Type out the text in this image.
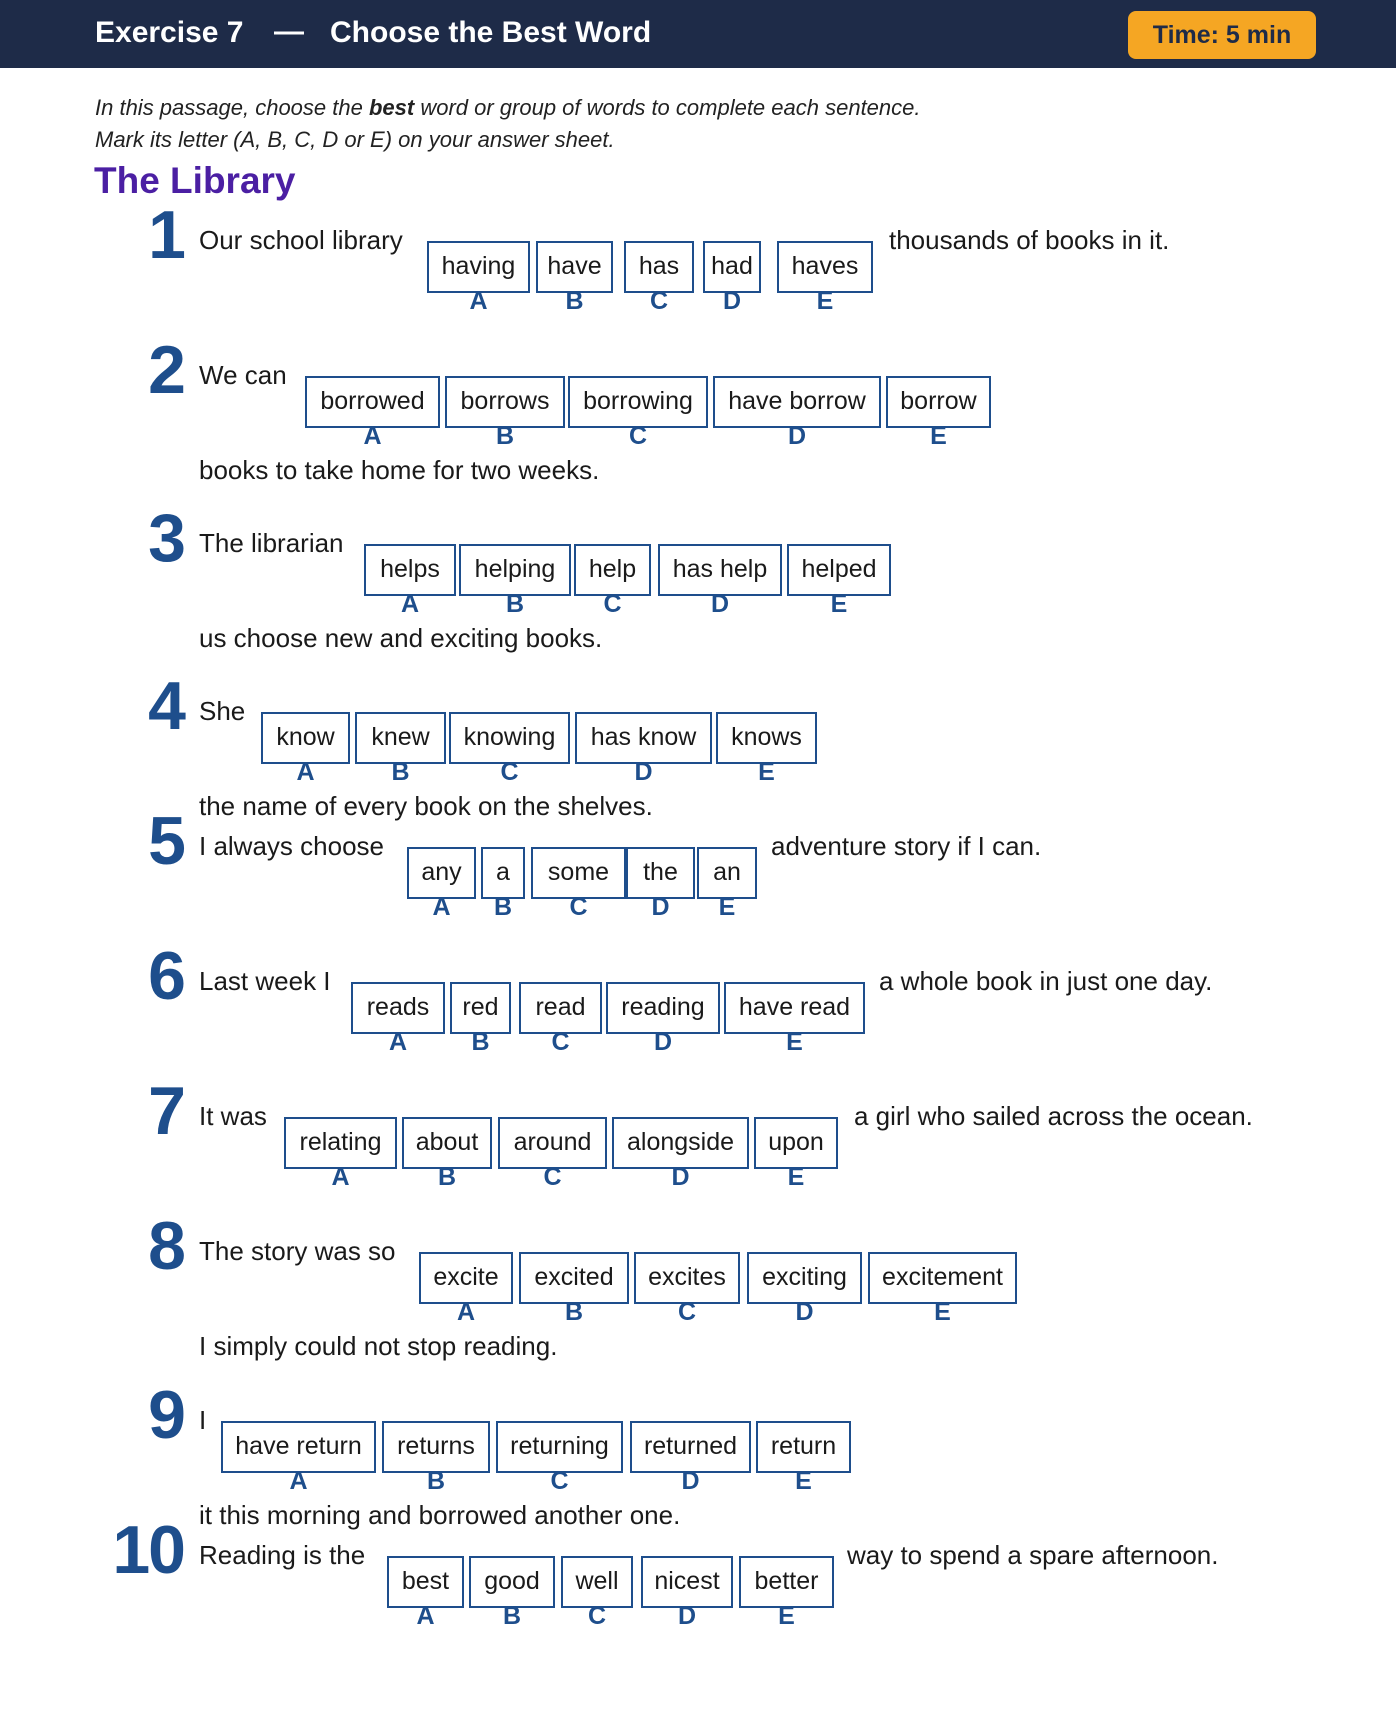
Exercise 7 — Choose the Best Word	Time: 5 min
In this passage, choose the best word or group of words to complete each sentence.
Mark its letter (A, B, C, D or E) on your answer sheet.
The Library
1 Our school library
having
A
have
B
has
C
had
D
haves
E
thousands of books in it.
2 We can
borrowed
A
borrows
B
borrowing
C
have borrow
D
borrow
E
books to take home for two weeks.
3 The librarian
helps
A
helping
B
help
C
has help
D
helped
E
us choose new and exciting books.
4 She
know
A
knew
B
knowing
C
has know
D
knows
E
the name of every book on the shelves.
5 I always choose
any
A
a
B
some
C
the
D
an
E
adventure story if I can.
6 Last week I
reads
A
red
B
read
C
reading
D
have read
E
a whole book in just one day.
7 It was
relating
A
about
B
around
C
alongside
D
upon
E
a girl who sailed across the ocean.
8 The story was so
excite
A
excited
B
excites
C
exciting
D
excitement
E
I simply could not stop reading.
9 I
have return
A
returns
B
returning
C
returned
D
return
E
it this morning and borrowed another one.
10 Reading is the
best
A
good
B
well
C
nicest
D
better
E
way to spend a spare afternoon.
